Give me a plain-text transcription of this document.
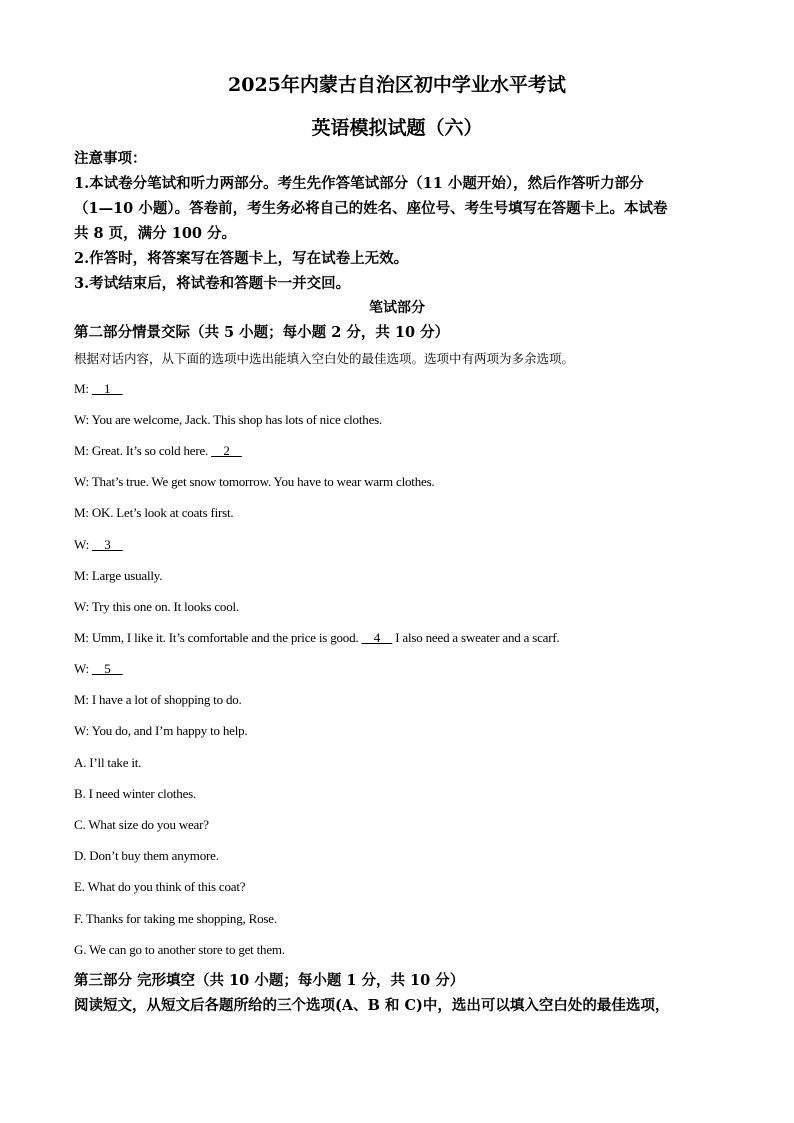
2025年内蒙古自治区初中学业水平考试
英语模拟试题（六）
注意事项：
1.本试卷分笔试和听力两部分。考生先作答笔试部分（11 小题开始），然后作答听力部分
（1—10 小题）。答卷前，考生务必将自己的姓名、座位号、考生号填写在答题卡上。本试卷
共 8 页，满分 100 分。
2.作答时，将答案写在答题卡上，写在试卷上无效。
3.考试结束后，将试卷和答题卡一并交回。
笔试部分
第二部分情景交际（共 5 小题；每小题 2 分，共 10 分）
根据对话内容，从下面的选项中选出能填入空白处的最佳选项。选项中有两项为多余选项。
M:     1
W: You are welcome, Jack. This shop has lots of nice clothes.
M: Great. It’s so cold here.     2
W: That’s true. We get snow tomorrow. You have to wear warm clothes.
M: OK. Let’s look at coats first.
W:     3
M: Large usually.
W: Try this one on. It looks cool.
M: Umm, I like it. It’s comfortable and the price is good.     4     I also need a sweater and a scarf.
W:     5
M: I have a lot of shopping to do.
W: You do, and I’m happy to help.
A. I’ll take it.
B. I need winter clothes.
C. What size do you wear?
D. Don’t buy them anymore.
E. What do you think of this coat?
F. Thanks for taking me shopping, Rose.
G. We can go to another store to get them.
第三部分 完形填空（共 10 小题；每小题 1 分，共 10 分）
阅读短文，从短文后各题所给的三个选项(A、B 和 C)中，选出可以填入空白处的最佳选项，
